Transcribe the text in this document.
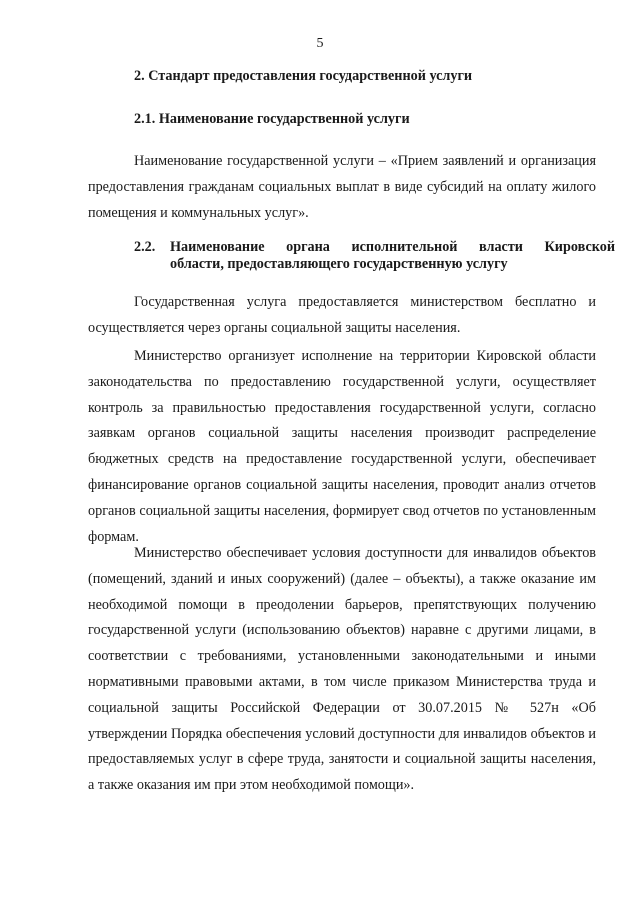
5
2. Стандарт предоставления государственной услуги
2.1. Наименование государственной услуги

Наименование государственной услуги – «Прием заявлений и организация предоставления гражданам социальных выплат в виде субсидий на оплату жилого помещения и коммунальных услуг».

2.2.	Наименование органа исполнительной власти Кировской
области, предоставляющего государственную услугу

Государственная услуга предоставляется министерством бесплатно и осуществляется через органы социальной защиты населения.

Министерство организует исполнение на территории Кировской области законодательства по предоставлению государственной услуги, осуществляет контроль за правильностью предоставления государственной услуги, согласно заявкам органов социальной защиты населения производит распределение бюджетных средств на предоставление государственной услуги, обеспечивает финансирование органов социальной защиты населения, проводит анализ отчетов органов социальной защиты населения, формирует свод отчетов по установленным формам.

Министерство обеспечивает условия доступности для инвалидов объектов (помещений, зданий и иных сооружений) (далее – объекты), а также оказание им необходимой помощи в преодолении барьеров, препятствующих получению государственной услуги (использованию объектов) наравне с другими лицами, в соответствии с требованиями, установленными законодательными и иными нормативными правовыми актами, в том числе приказом Министерства труда и социальной защиты Российской Федерации от 30.07.2015 № 527н «Об утверждении Порядка обеспечения условий доступности для инвалидов объектов и предоставляемых услуг в сфере труда, занятости и социальной защиты населения, а также оказания им при этом необходимой помощи».
